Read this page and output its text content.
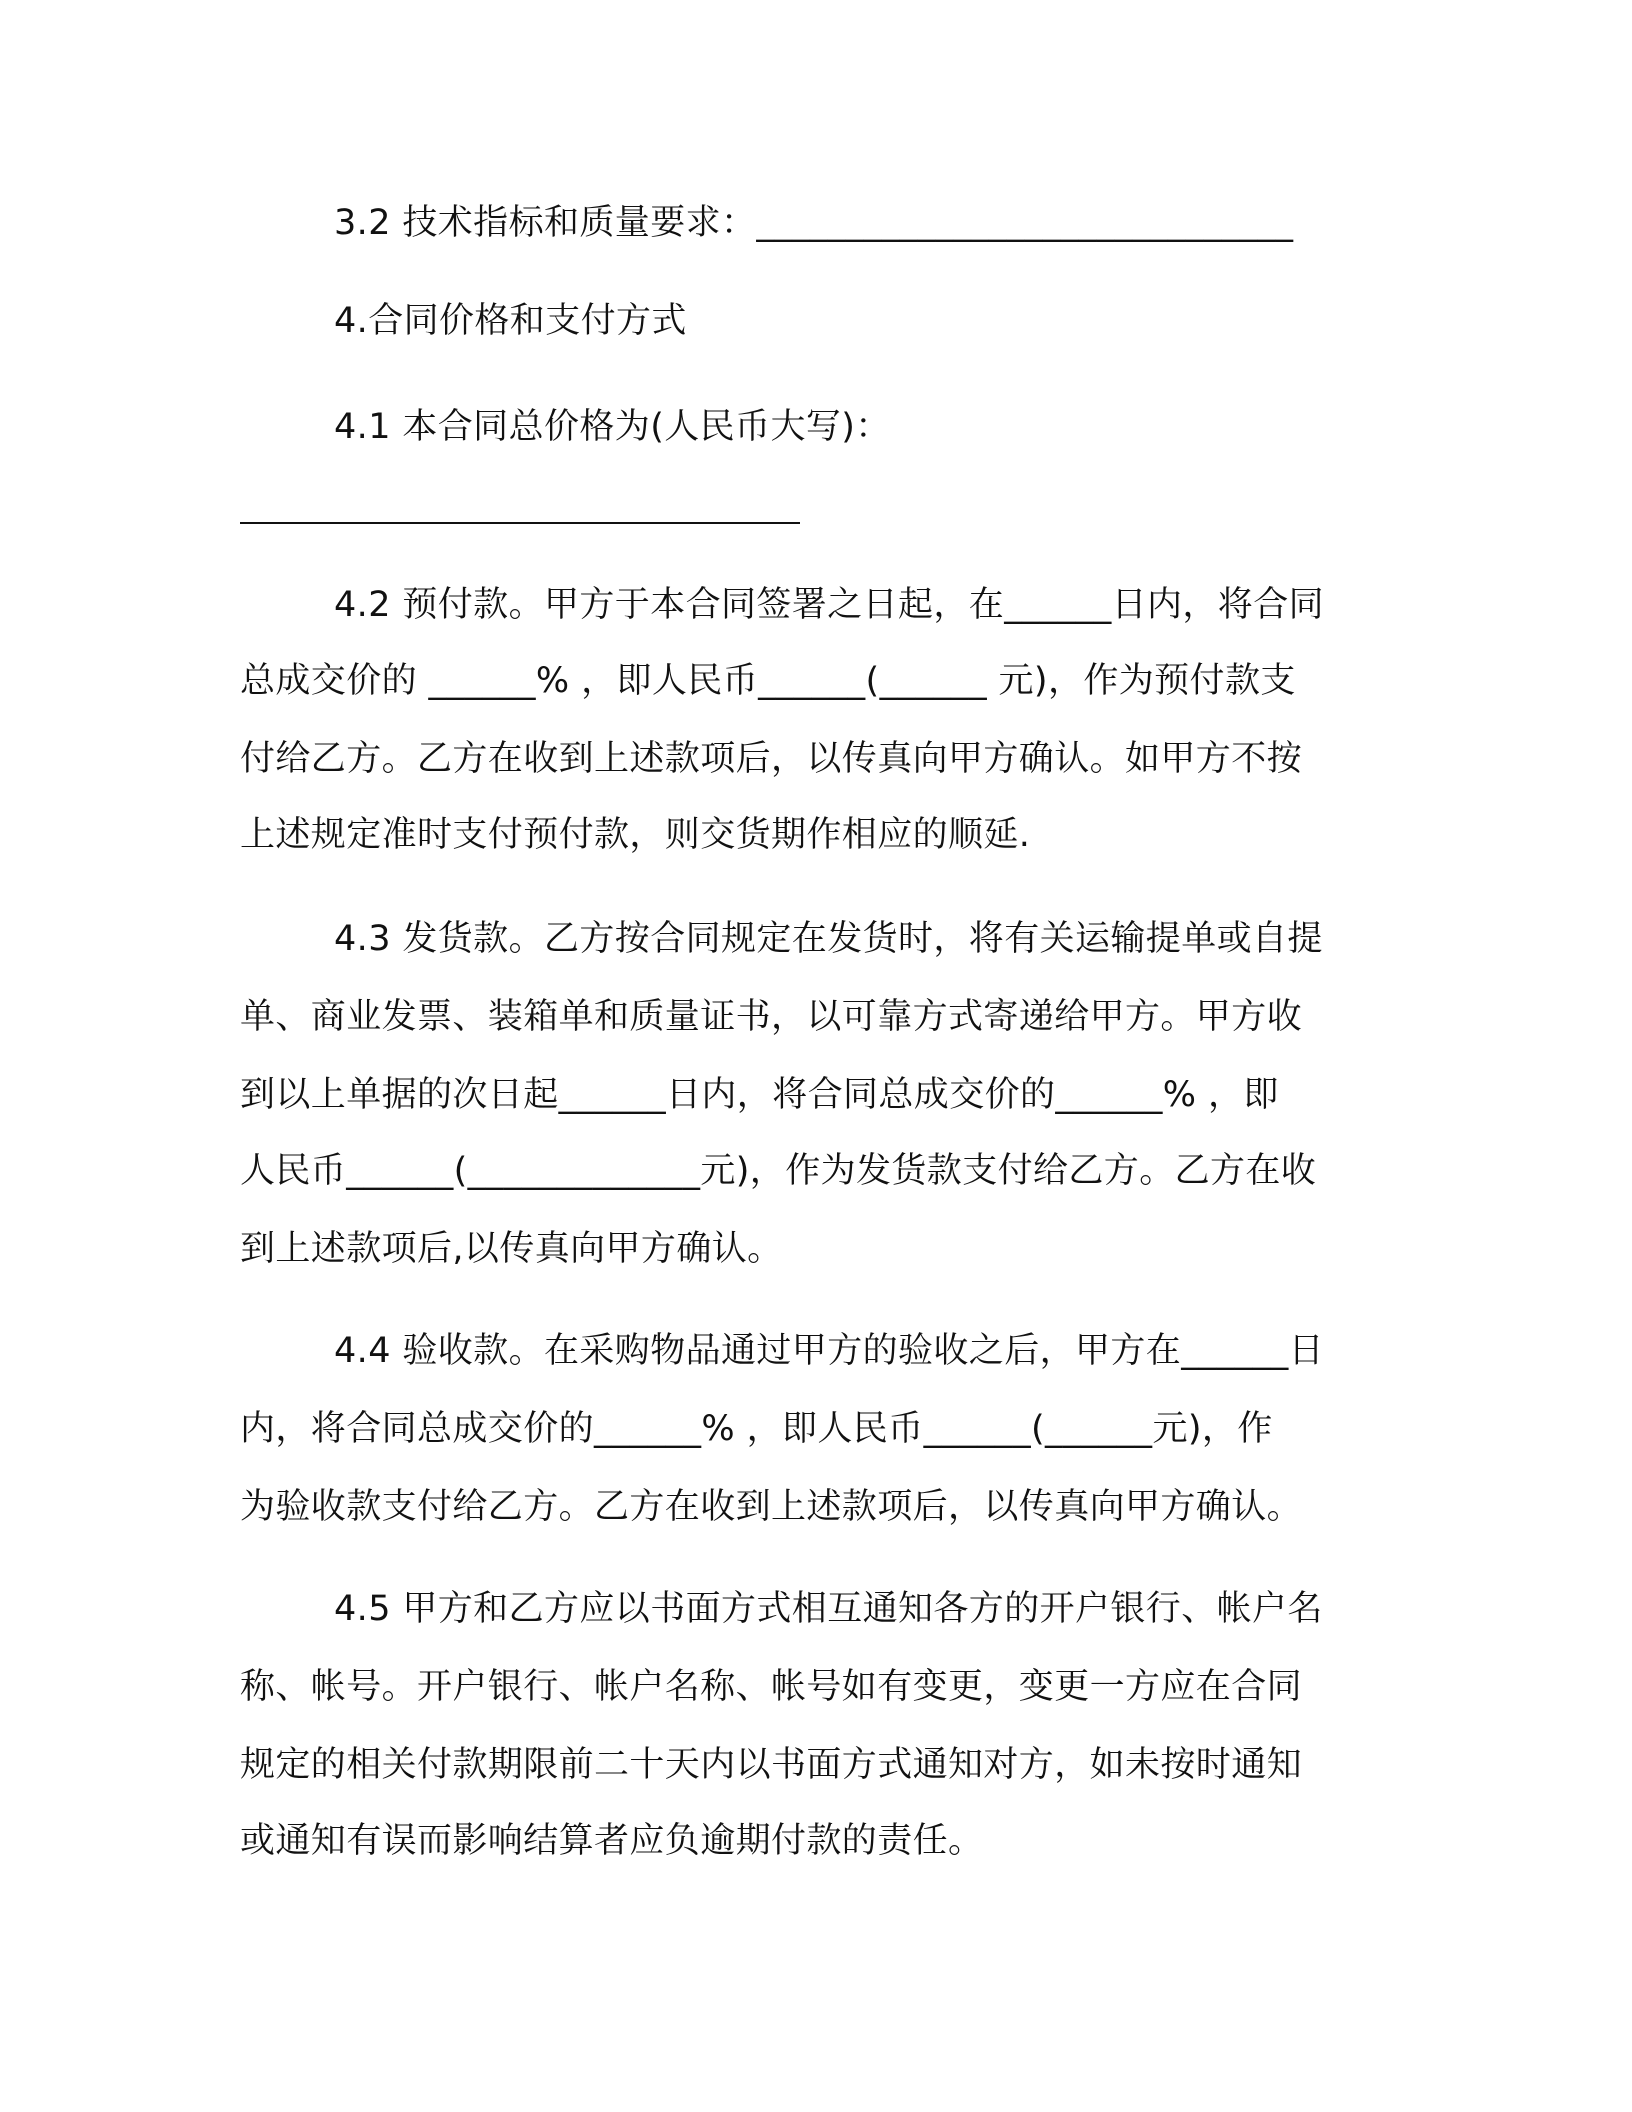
3.2 技术指标和质量要求：______________________________
4.合同价格和支付方式
4.1 本合同总价格为(人民币大写)：
4.2 预付款。甲方于本合同签署之日起，在______日内，将合同
总成交价的 ______% ，即人民币______(______ 元)，作为预付款支
付给乙方。乙方在收到上述款项后，以传真向甲方确认。如甲方不按
上述规定准时支付预付款，则交货期作相应的顺延.
4.3 发货款。乙方按合同规定在发货时，将有关运输提单或自提
单、商业发票、装箱单和质量证书，以可靠方式寄递给甲方。甲方收
到以上单据的次日起______日内，将合同总成交价的______% ，即
人民币______(_____________元)，作为发货款支付给乙方。乙方在收
到上述款项后,以传真向甲方确认。
4.4 验收款。在采购物品通过甲方的验收之后，甲方在______日
内，将合同总成交价的______% ，即人民币______(______元)，作
为验收款支付给乙方。乙方在收到上述款项后，以传真向甲方确认。
4.5 甲方和乙方应以书面方式相互通知各方的开户银行、帐户名
称、帐号。开户银行、帐户名称、帐号如有变更，变更一方应在合同
规定的相关付款期限前二十天内以书面方式通知对方，如未按时通知
或通知有误而影响结算者应负逾期付款的责任。
